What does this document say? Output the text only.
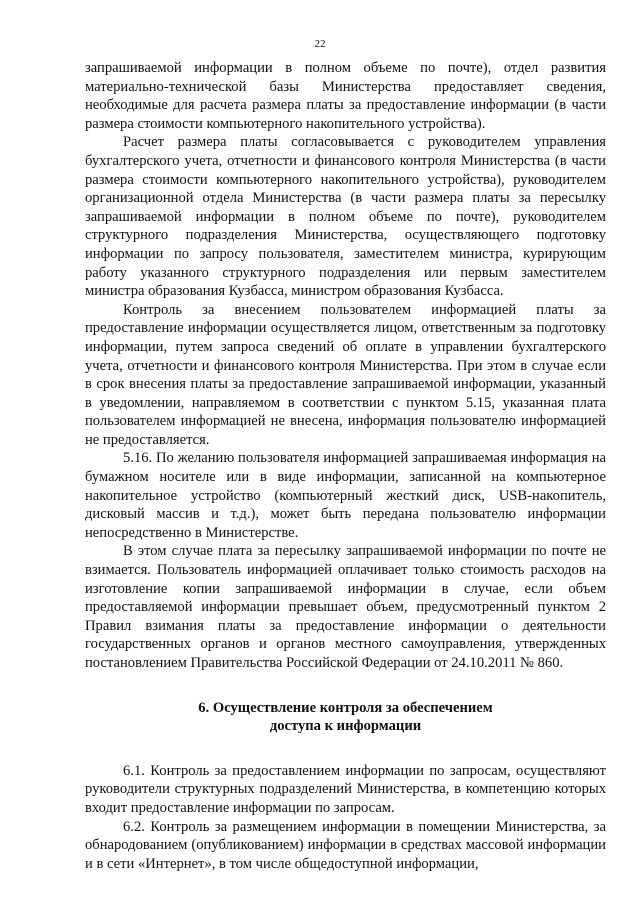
22

запрашиваемой информации в полном объеме по почте), отдел развития материально-технической базы Министерства предоставляет сведения, необходимые для расчета размера платы за предоставление информации (в части размера стоимости компьютерного накопительного устройства).

Расчет размера платы согласовывается с руководителем управления бухгалтерского учета, отчетности и финансового контроля Министерства (в части размера стоимости компьютерного накопительного устройства), руководителем организационной отдела Министерства (в части размера платы за пересылку запрашиваемой информации в полном объеме по почте), руководителем структурного подразделения Министерства, осуществляющего подготовку информации по запросу пользователя, заместителем министра, курирующим работу указанного структурного подразделения или первым заместителем министра образования Кузбасса, министром образования Кузбасса.

Контроль за внесением пользователем информацией платы за предоставление информации осуществляется лицом, ответственным за подготовку информации, путем запроса сведений об оплате в управлении бухгалтерского учета, отчетности и финансового контроля Министерства. При этом в случае если в срок внесения платы за предоставление запрашиваемой информации, указанный в уведомлении, направляемом в соответствии с пунктом 5.15, указанная плата пользователем информацией не внесена, информация пользователю информацией не предоставляется.

5.16. По желанию пользователя информацией запрашиваемая информация на бумажном носителе или в виде информации, записанной на компьютерное накопительное устройство (компьютерный жесткий диск, USB-накопитель, дисковый массив и т.д.), может быть передана пользователю информации непосредственно в Министерстве.

В этом случае плата за пересылку запрашиваемой информации по почте не взимается. Пользователь информацией оплачивает только стоимость расходов на изготовление копии запрашиваемой информации в случае, если объем предоставляемой информации превышает объем, предусмотренный пунктом 2 Правил взимания платы за предоставление информации о деятельности государственных органов и органов местного самоуправления, утвержденных постановлением Правительства Российской Федерации от 24.10.2011 № 860.

6. Осуществление контроля за обеспечением
доступа к информации

6.1. Контроль за предоставлением информации по запросам, осуществляют руководители структурных подразделений Министерства, в компетенцию которых входит предоставление информации по запросам.

6.2. Контроль за размещением информации в помещении Министерства, за обнародованием (опубликованием) информации в средствах массовой информации и в сети «Интернет», в том числе общедоступной информации,
